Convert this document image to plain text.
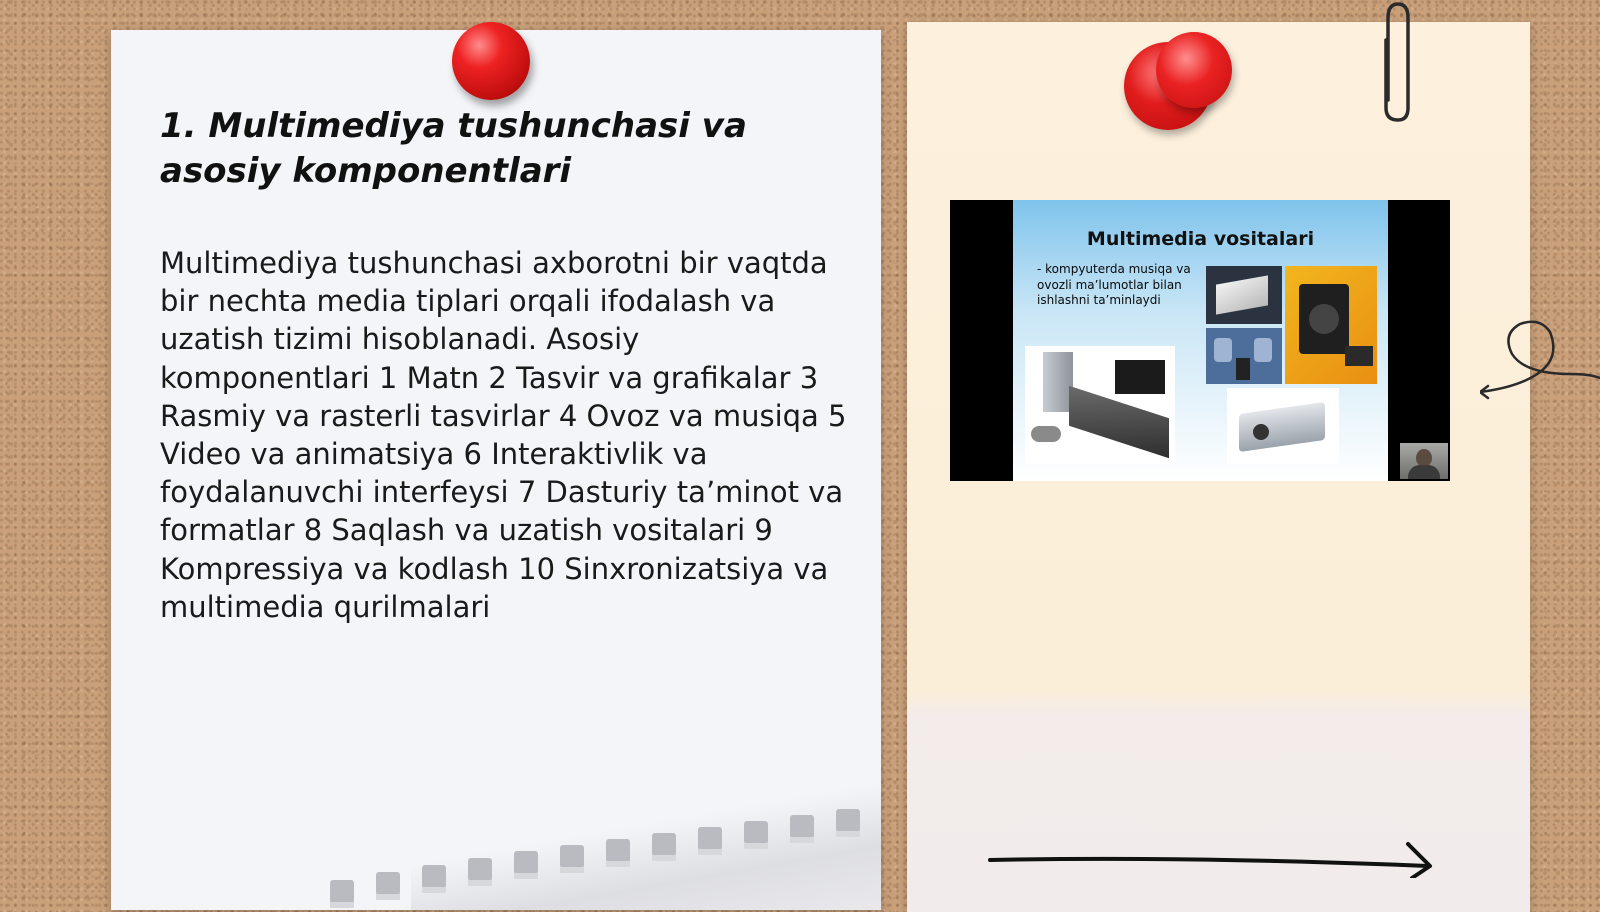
1. Multimediya tushunchasi va asosiy komponentlari

Multimediya tushunchasi axborotni bir vaqtda bir nechta media tiplari orqali ifodalash va uzatish tizimi hisoblanadi. Asosiy komponentlari 1 Matn 2 Tasvir va grafikalar 3 Rasmiy va rasterli tasvirlar 4 Ovoz va musiqa 5 Video va animatsiya 6 Interaktivlik va foydalanuvchi interfeysi 7 Dasturiy ta’minot va formatlar 8 Saqlash va uzatish vositalari 9 Kompressiya va kodlash 10 Sinxronizatsiya va multimedia qurilmalari

Multimedia vositalari
- kompyuterda musiqa va ovozli ma’lumotlar bilan ishlashni ta’minlaydi
